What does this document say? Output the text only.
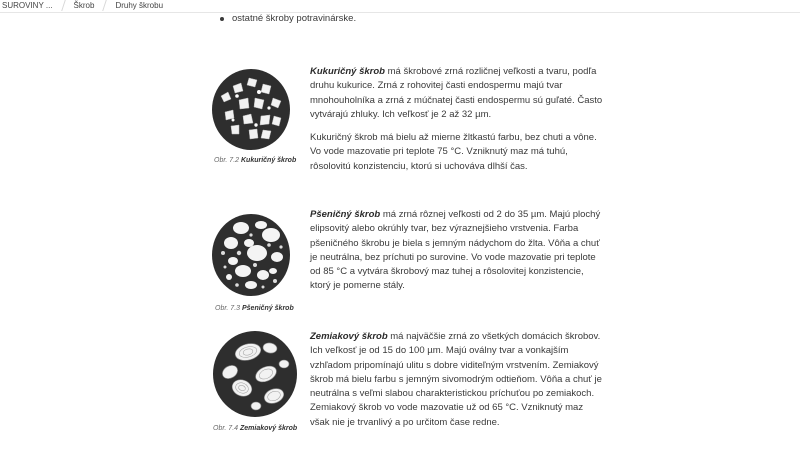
SUROVINY ...	Škrob	Druhy škrobu
ostatné škroby potravinárske.
Obr. 7.2 Kukuričný škrob

Kukuričný škrob má škrobové zrná rozličnej veľkosti a tvaru, podľa druhu kukurice. Zrná z rohovitej časti endospermu majú tvar mnohouholníka a zrná z múčnatej časti endospermu sú guľaté. Často vytvárajú zhluky. Ich veľkosť je 2 až 32 µm.

Kukuričný škrob má bielu až mierne žltkastú farbu, bez chuti a vône. Vo vode mazovatie pri teplote 75 °C. Vzniknutý maz má tuhú, rôsolovitú konzistenciu, ktorú si uchováva dlhší čas.

Obr. 7.3 Pšeničný škrob

Pšeničný škrob má zrná rôznej veľkosti od 2 do 35 µm. Majú plochý elipsovitý alebo okrúhly tvar, bez výraznejšieho vrstvenia. Farba pšeničného škrobu je biela s jemným nádychom do žlta. Vôňa a chuť je neutrálna, bez príchuti po surovine. Vo vode mazovatie pri teplote od 85 °C a vytvára škrobový maz tuhej a rôsolovitej konzistencie, ktorý je pomerne stály.

Obr. 7.4 Zemiakový škrob

Zemiakový škrob má najväčšie zrná zo všetkých domácich škrobov. Ich veľkosť je od 15 do 100 µm. Majú oválny tvar a vonkajším vzhľadom pripomínajú ulitu s dobre viditeľným vrstvením. Zemiakový škrob má bielu farbu s jemným sivomodrým odtieňom. Vôňa a chuť je neutrálna s veľmi slabou charakteristickou príchuťou po zemiakoch. Zemiakový škrob vo vode mazovatie už od 65 °C. Vzniknutý maz však nie je trvanlivý a po určitom čase redne.
